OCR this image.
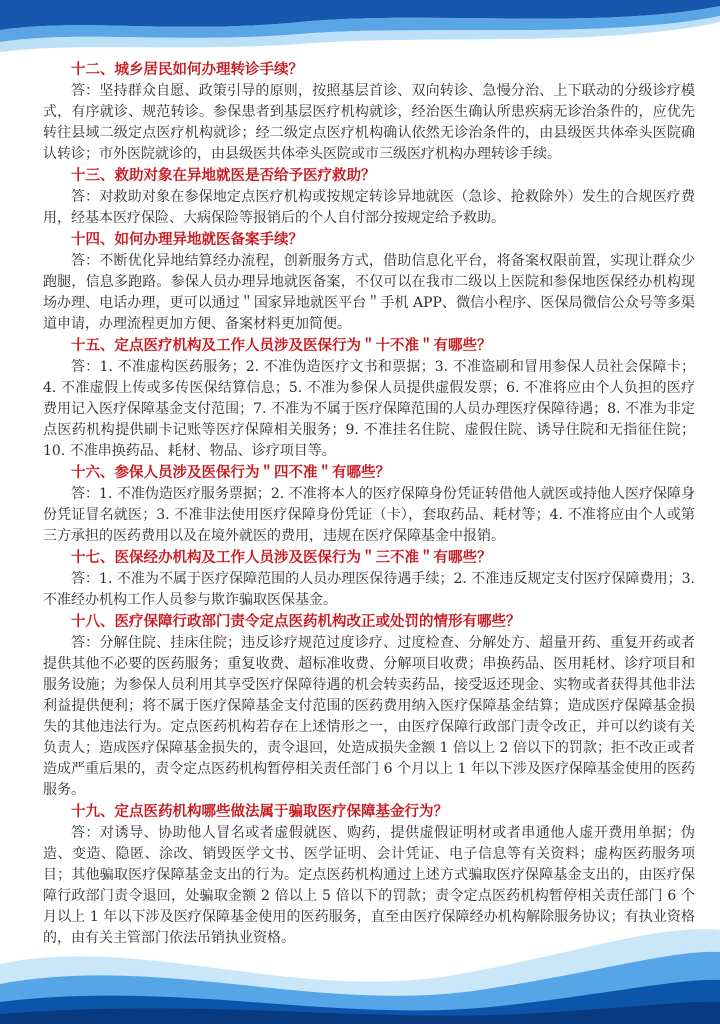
十二、城乡居民如何办理转诊手续？
答：坚持群众自愿、政策引导的原则，按照基层首诊、双向转诊、急慢分治、上下联动的分级诊疗模式，有序就诊、规范转诊。参保患者到基层医疗机构就诊，经治医生确认所患疾病无诊治条件的，应优先转往县域二级定点医疗机构就诊；经二级定点医疗机构确认依然无诊治条件的，由县级医共体牵头医院确认转诊；市外医院就诊的，由县级医共体牵头医院或市三级医疗机构办理转诊手续。
十三、救助对象在异地就医是否给予医疗救助？
答：对救助对象在参保地定点医疗机构或按规定转诊异地就医（急诊、抢救除外）发生的合规医疗费用，经基本医疗保险、大病保险等报销后的个人自付部分按规定给予救助。
十四、如何办理异地就医备案手续？
答：不断优化异地结算经办流程，创新服务方式，借助信息化平台，将备案权限前置，实现让群众少跑腿，信息多跑路。参保人员办理异地就医备案，不仅可以在我市二级以上医院和参保地医保经办机构现场办理、电话办理，更可以通过＂国家异地就医平台＂手机 APP、微信小程序、医保局微信公众号等多渠道申请，办理流程更加方便、备案材料更加简便。
十五、定点医疗机构及工作人员涉及医保行为＂十不准＂有哪些？
答：1. 不准虚构医药服务；2. 不准伪造医疗文书和票据；3. 不准盗刷和冒用参保人员社会保障卡；4. 不准虚假上传或多传医保结算信息；5. 不准为参保人员提供虚假发票；6. 不准将应由个人负担的医疗费用记入医疗保障基金支付范围；7. 不准为不属于医疗保障范围的人员办理医疗保障待遇；8. 不准为非定点医药机构提供刷卡记账等医疗保障相关服务；9. 不准挂名住院、虚假住院、诱导住院和无指征住院；10. 不准串换药品、耗材、物品、诊疗项目等。
十六、参保人员涉及医保行为＂四不准＂有哪些？
答：1. 不准伪造医疗服务票据；2. 不准将本人的医疗保障身份凭证转借他人就医或持他人医疗保障身份凭证冒名就医；3. 不准非法使用医疗保障身份凭证（卡），套取药品、耗材等；4. 不准将应由个人或第三方承担的医药费用以及在境外就医的费用，违规在医疗保障基金中报销。
十七、医保经办机构及工作人员涉及医保行为＂三不准＂有哪些？
答：1. 不准为不属于医疗保障范围的人员办理医保待遇手续；2. 不准违反规定支付医疗保障费用；3. 不准经办机构工作人员参与欺诈骗取医保基金。
十八、医疗保障行政部门责令定点医药机构改正或处罚的情形有哪些？
答：分解住院、挂床住院；违反诊疗规范过度诊疗、过度检查、分解处方、超量开药、重复开药或者提供其他不必要的医药服务；重复收费、超标准收费、分解项目收费；串换药品、医用耗材、诊疗项目和服务设施；为参保人员利用其享受医疗保障待遇的机会转卖药品，接受返还现金、实物或者获得其他非法利益提供便利；将不属于医疗保障基金支付范围的医药费用纳入医疗保障基金结算；造成医疗保障基金损失的其他违法行为。定点医药机构若存在上述情形之一，由医疗保障行政部门责令改正，并可以约谈有关负责人；造成医疗保障基金损失的，责令退回，处造成损失金额 1 倍以上 2 倍以下的罚款；拒不改正或者造成严重后果的，责令定点医药机构暂停相关责任部门 6 个月以上 1 年以下涉及医疗保障基金使用的医药服务。
十九、定点医药机构哪些做法属于骗取医疗保障基金行为？
答：对诱导、协助他人冒名或者虚假就医、购药，提供虚假证明材或者串通他人虚开费用单据；伪造、变造、隐匿、涂改、销毁医学文书、医学证明、会计凭证、电子信息等有关资料；虚构医药服务项目；其他骗取医疗保障基金支出的行为。定点医药机构通过上述方式骗取医疗保障基金支出的，由医疗保障行政部门责令退回，处骗取金额 2 倍以上 5 倍以下的罚款；责令定点医药机构暂停相关责任部门 6 个月以上 1 年以下涉及医疗保障基金使用的医药服务，直至由医疗保障经办机构解除服务协议；有执业资格的，由有关主管部门依法吊销执业资格。
